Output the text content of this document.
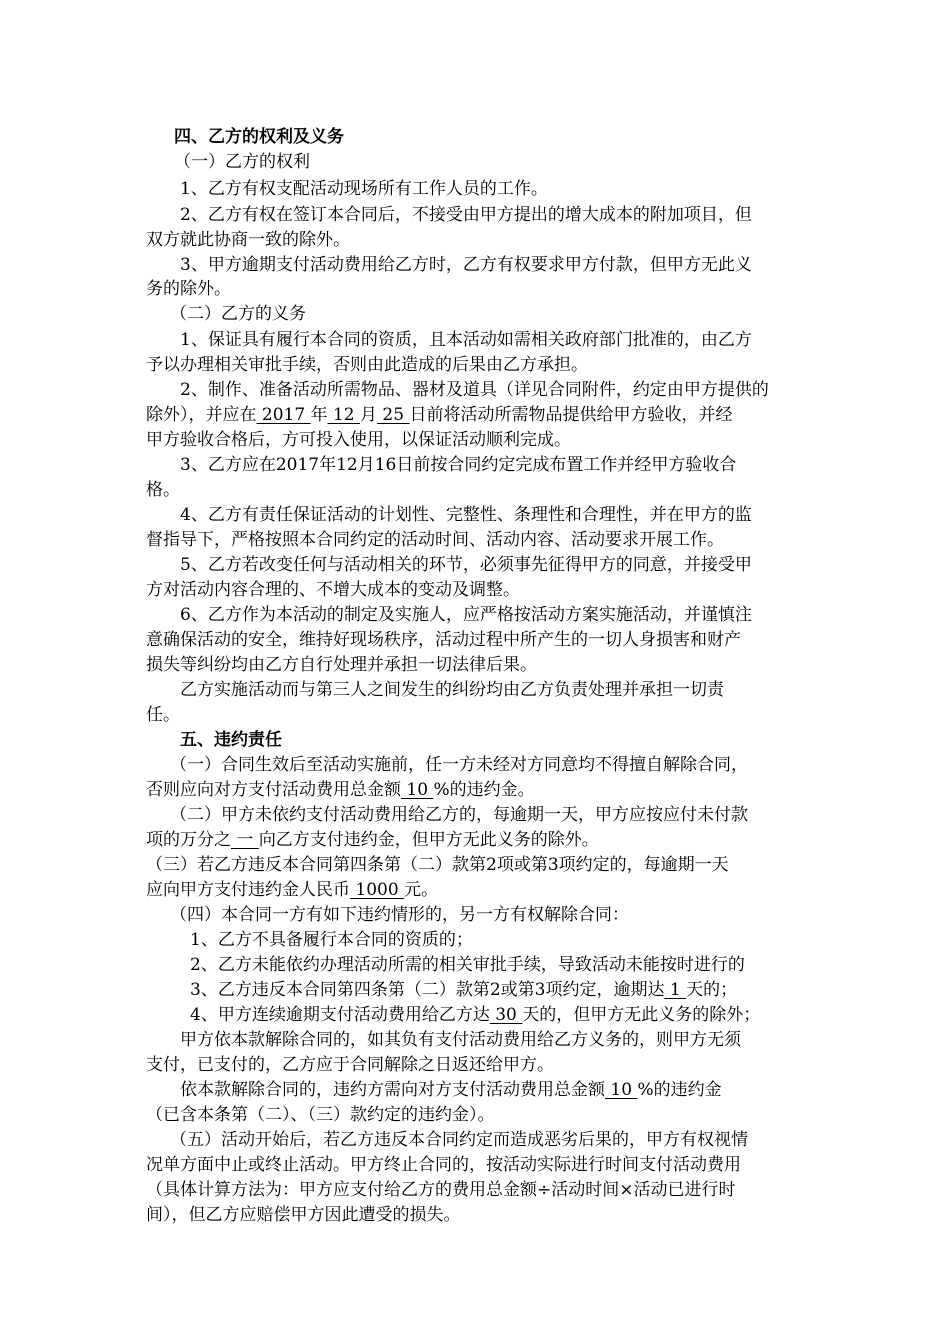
四、乙方的权利及义务
（一）乙方的权利
1、乙方有权支配活动现场所有工作人员的工作。
2、乙方有权在签订本合同后，不接受由甲方提出的增大成本的附加项目，但
双方就此协商一致的除外。
3、甲方逾期支付活动费用给乙方时，乙方有权要求甲方付款，但甲方无此义
务的除外。
（二）乙方的义务
1、保证具有履行本合同的资质，且本活动如需相关政府部门批准的，由乙方
予以办理相关审批手续，否则由此造成的后果由乙方承担。
2、制作、准备活动所需物品、器材及道具（详见合同附件，约定由甲方提供的
除外），并应在 2017 年 12 月 25 日前将活动所需物品提供给甲方验收，并经
甲方验收合格后，方可投入使用，以保证活动顺利完成。
3、乙方应在2017年12月16日前按合同约定完成布置工作并经甲方验收合
格。
4、乙方有责任保证活动的计划性、完整性、条理性和合理性，并在甲方的监
督指导下，严格按照本合同约定的活动时间、活动内容、活动要求开展工作。
5、乙方若改变任何与活动相关的环节，必须事先征得甲方的同意，并接受甲
方对活动内容合理的、不增大成本的变动及调整。
6、乙方作为本活动的制定及实施人，应严格按活动方案实施活动，并谨慎注
意确保活动的安全，维持好现场秩序，活动过程中所产生的一切人身损害和财产
损失等纠纷均由乙方自行处理并承担一切法律后果。
乙方实施活动而与第三人之间发生的纠纷均由乙方负责处理并承担一切责
任。
五、违约责任
（一）合同生效后至活动实施前，任一方未经对方同意均不得擅自解除合同，
否则应向对方支付活动费用总金额 10 %的违约金。
（二）甲方未依约支付活动费用给乙方的，每逾期一天，甲方应按应付未付款
项的万分之 一 向乙方支付违约金，但甲方无此义务的除外。
（三）若乙方违反本合同第四条第（二）款第2项或第3项约定的，每逾期一天
应向甲方支付违约金人民币 1000 元。
（四）本合同一方有如下违约情形的，另一方有权解除合同：
1、乙方不具备履行本合同的资质的；
2、乙方未能依约办理活动所需的相关审批手续，导致活动未能按时进行的
3、乙方违反本合同第四条第（二）款第2或第3项约定，逾期达 1 天的；
4、甲方连续逾期支付活动费用给乙方达 30 天的，但甲方无此义务的除外；
甲方依本款解除合同的，如其负有支付活动费用给乙方义务的，则甲方无须
支付，已支付的，乙方应于合同解除之日返还给甲方。
依本款解除合同的，违约方需向对方支付活动费用总金额 10 %的违约金
（已含本条第（二）、（三）款约定的违约金）。
（五）活动开始后，若乙方违反本合同约定而造成恶劣后果的，甲方有权视情
况单方面中止或终止活动。甲方终止合同的，按活动实际进行时间支付活动费用
（具体计算方法为：甲方应支付给乙方的费用总金额÷活动时间×活动已进行时
间），但乙方应赔偿甲方因此遭受的损失。
